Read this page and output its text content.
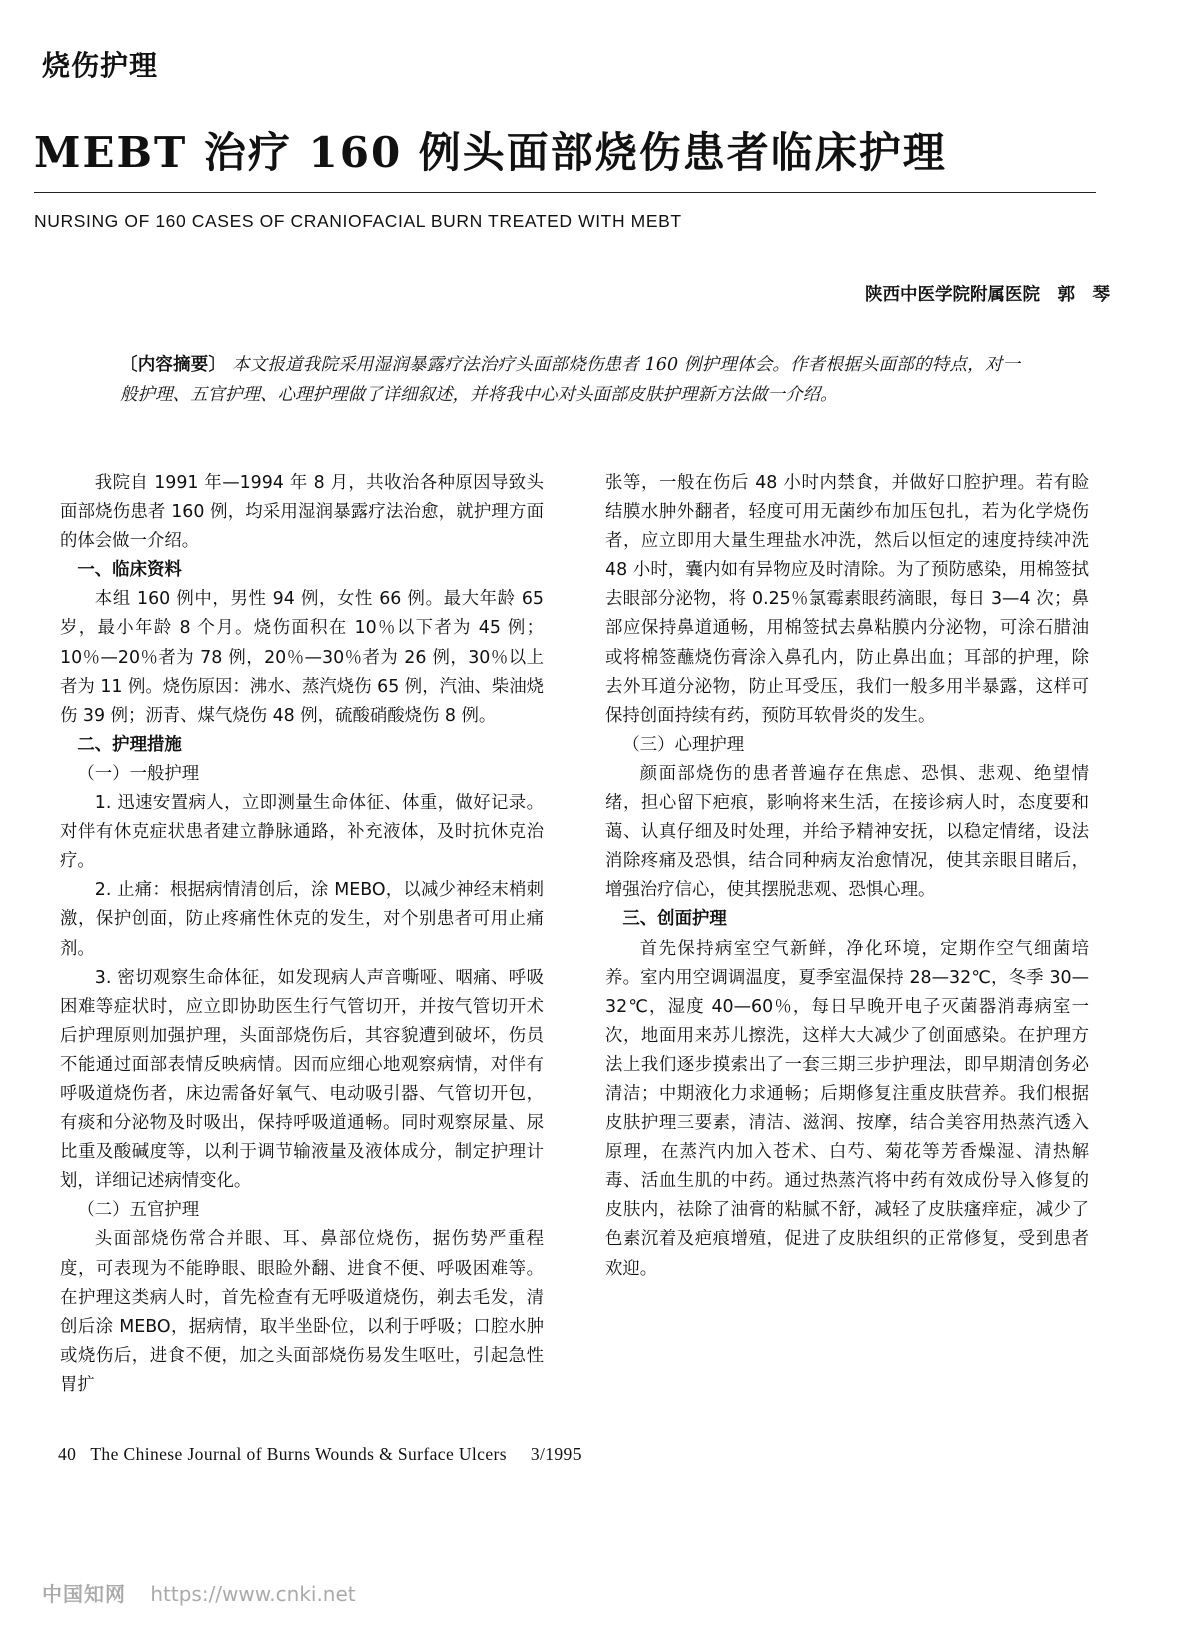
烧伤护理
MEBT 治疗 160 例头面部烧伤患者临床护理
NURSING OF 160 CASES OF CRANIOFACIAL BURN TREATED WITH MEBT
陕西中医学院附属医院　郭　琴
〔内容摘要〕 本文报道我院采用湿润暴露疗法治疗头面部烧伤患者 160 例护理体会。作者根据头面部的特点，对一般护理、五官护理、心理护理做了详细叙述，并将我中心对头面部皮肤护理新方法做一介绍。

我院自 1991 年—1994 年 8 月，共收治各种原因导致头面部烧伤患者 160 例，均采用湿润暴露疗法治愈，就护理方面的体会做一介绍。

一、临床资料

本组 160 例中，男性 94 例，女性 66 例。最大年龄 65 岁，最小年龄 8 个月。烧伤面积在 10％以下者为 45 例；10％—20％者为 78 例，20％—30％者为 26 例，30％以上者为 11 例。烧伤原因：沸水、蒸汽烧伤 65 例，汽油、柴油烧伤 39 例；沥青、煤气烧伤 48 例，硫酸硝酸烧伤 8 例。

二、护理措施
（一）一般护理

1. 迅速安置病人，立即测量生命体征、体重，做好记录。对伴有休克症状患者建立静脉通路，补充液体，及时抗休克治疗。

2. 止痛：根据病情清创后，涂 MEBO，以减少神经末梢刺激，保护创面，防止疼痛性休克的发生，对个别患者可用止痛剂。

3. 密切观察生命体征，如发现病人声音嘶哑、咽痛、呼吸困难等症状时，应立即协助医生行气管切开，并按气管切开术后护理原则加强护理，头面部烧伤后，其容貌遭到破坏，伤员不能通过面部表情反映病情。因而应细心地观察病情，对伴有呼吸道烧伤者，床边需备好氧气、电动吸引器、气管切开包，有痰和分泌物及时吸出，保持呼吸道通畅。同时观察尿量、尿比重及酸碱度等，以利于调节输液量及液体成分，制定护理计划，详细记述病情变化。

（二）五官护理

头面部烧伤常合并眼、耳、鼻部位烧伤，据伤势严重程度，可表现为不能睁眼、眼睑外翻、进食不便、呼吸困难等。在护理这类病人时，首先检查有无呼吸道烧伤，剃去毛发，清创后涂 MEBO，据病情，取半坐卧位，以利于呼吸；口腔水肿或烧伤后，进食不便，加之头面部烧伤易发生呕吐，引起急性胃扩

张等，一般在伤后 48 小时内禁食，并做好口腔护理。若有睑结膜水肿外翻者，轻度可用无菌纱布加压包扎，若为化学烧伤者，应立即用大量生理盐水冲洗，然后以恒定的速度持续冲洗 48 小时，囊内如有异物应及时清除。为了预防感染，用棉签拭去眼部分泌物，将 0.25％氯霉素眼药滴眼，每日 3—4 次；鼻部应保持鼻道通畅，用棉签拭去鼻粘膜内分泌物，可涂石腊油或将棉签蘸烧伤膏涂入鼻孔内，防止鼻出血；耳部的护理，除去外耳道分泌物，防止耳受压，我们一般多用半暴露，这样可保持创面持续有药，预防耳软骨炎的发生。

（三）心理护理

颜面部烧伤的患者普遍存在焦虑、恐惧、悲观、绝望情绪，担心留下疤痕，影响将来生活，在接诊病人时，态度要和蔼、认真仔细及时处理，并给予精神安抚，以稳定情绪，设法消除疼痛及恐惧，结合同种病友治愈情况，使其亲眼目睹后，增强治疗信心，使其摆脱悲观、恐惧心理。

三、创面护理

首先保持病室空气新鲜，净化环境，定期作空气细菌培养。室内用空调调温度，夏季室温保持 28—32℃，冬季 30—32℃，湿度 40—60％，每日早晚开电子灭菌器消毒病室一次，地面用来苏儿擦洗，这样大大减少了创面感染。在护理方法上我们逐步摸索出了一套三期三步护理法，即早期清创务必清洁；中期液化力求通畅；后期修复注重皮肤营养。我们根据皮肤护理三要素，清洁、滋润、按摩，结合美容用热蒸汽透入原理，在蒸汽内加入苍术、白芍、菊花等芳香燥湿、清热解毒、活血生肌的中药。通过热蒸汽将中药有效成份导入修复的皮肤内，祛除了油膏的粘腻不舒，减轻了皮肤瘙痒症，减少了色素沉着及疤痕增殖，促进了皮肤组织的正常修复，受到患者欢迎。

40 The Chinese Journal of Burns Wounds & Surface Ulcers 3/1995
中国知网 https://www.cnki.net
